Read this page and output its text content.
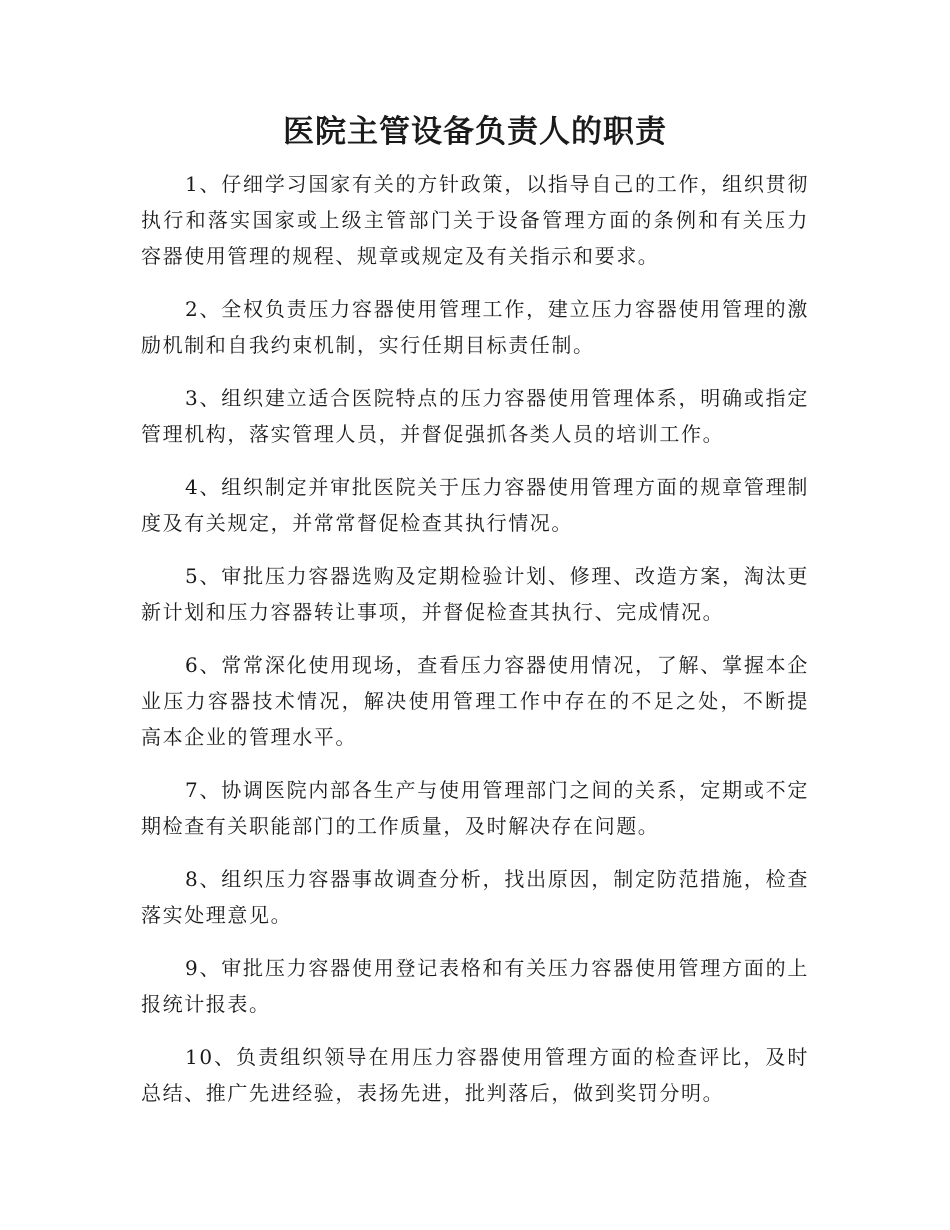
医院主管设备负责人的职责

1、仔细学习国家有关的方针政策，以指导自己的工作，组织贯彻执行和落实国家或上级主管部门关于设备管理方面的条例和有关压力容器使用管理的规程、规章或规定及有关指示和要求。

2、全权负责压力容器使用管理工作，建立压力容器使用管理的激励机制和自我约束机制，实行任期目标责任制。

3、组织建立适合医院特点的压力容器使用管理体系，明确或指定管理机构，落实管理人员，并督促强抓各类人员的培训工作。

4、组织制定并审批医院关于压力容器使用管理方面的规章管理制度及有关规定，并常常督促检查其执行情况。

5、审批压力容器选购及定期检验计划、修理、改造方案，淘汰更新计划和压力容器转让事项，并督促检查其执行、完成情况。

6、常常深化使用现场，查看压力容器使用情况，了解、掌握本企业压力容器技术情况，解决使用管理工作中存在的不足之处，不断提高本企业的管理水平。

7、协调医院内部各生产与使用管理部门之间的关系，定期或不定期检查有关职能部门的工作质量，及时解决存在问题。

8、组织压力容器事故调查分析，找出原因，制定防范措施，检查落实处理意见。

9、审批压力容器使用登记表格和有关压力容器使用管理方面的上报统计报表。

10、负责组织领导在用压力容器使用管理方面的检查评比，及时总结、推广先进经验，表扬先进，批判落后，做到奖罚分明。
